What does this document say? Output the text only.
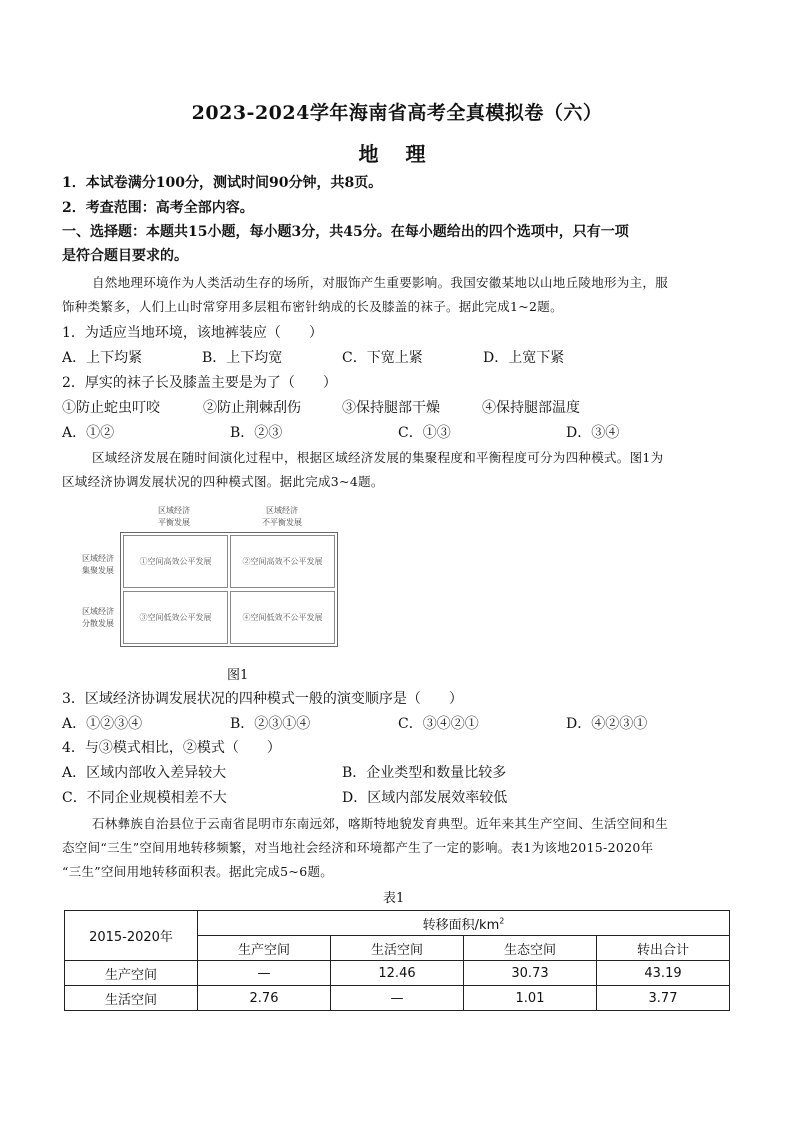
2023-2024学年海南省高考全真模拟卷（六）
地 理
1．本试卷满分100分，测试时间90分钟，共8页。
2．考查范围：高考全部内容。
一、选择题：本题共15小题，每小题3分，共45分。在每小题给出的四个选项中，只有一项
是符合题目要求的。
自然地理环境作为人类活动生存的场所，对服饰产生重要影响。我国安徽某地以山地丘陵地形为主，服
饰种类繁多，人们上山时常穿用多层粗布密针纳成的长及膝盖的袜子。据此完成1~2题。
1．为适应当地环境，该地裤装应（　　）
A．上下均紧	B．上下均宽	C．下宽上紧	D．上宽下紧
2．厚实的袜子长及膝盖主要是为了（　　）
①防止蛇虫叮咬	②防止荆棘刮伤	③保持腿部干燥	④保持腿部温度
A．①②	B．②③	C．①③	D．③④
区域经济发展在随时间演化过程中，根据区域经济发展的集聚程度和平衡程度可分为四种模式。图1为
区域经济协调发展状况的四种模式图。据此完成3~4题。
区域经济
平衡发展
区域经济
不平衡发展
区域经济
集聚发展
区域经济
分散发展
①空间高效公平发展	②空间高效不公平发展
③空间低效公平发展	④空间低效不公平发展
图1
3．区域经济协调发展状况的四种模式一般的演变顺序是（　　）
A．①②③④	B．②③①④	C．③④②①	D．④②③①
4．与③模式相比，②模式（　　）
A．区域内部收入差异较大	B．企业类型和数量比较多
C．不同企业规模相差不大	D．区域内部发展效率较低
石林彝族自治县位于云南省昆明市东南远郊，喀斯特地貌发育典型。近年来其生产空间、生活空间和生
态空间“三生”空间用地转移频繁，对当地社会经济和环境都产生了一定的影响。表1为该地2015-2020年
“三生”空间用地转移面积表。据此完成5~6题。
表1
2015-2020年	转移面积$/km^2$
	生产空间	生活空间	生态空间	转出合计
生产空间	—	12.46	30.73	43.19
生活空间	2.76	—	1.01	3.77
